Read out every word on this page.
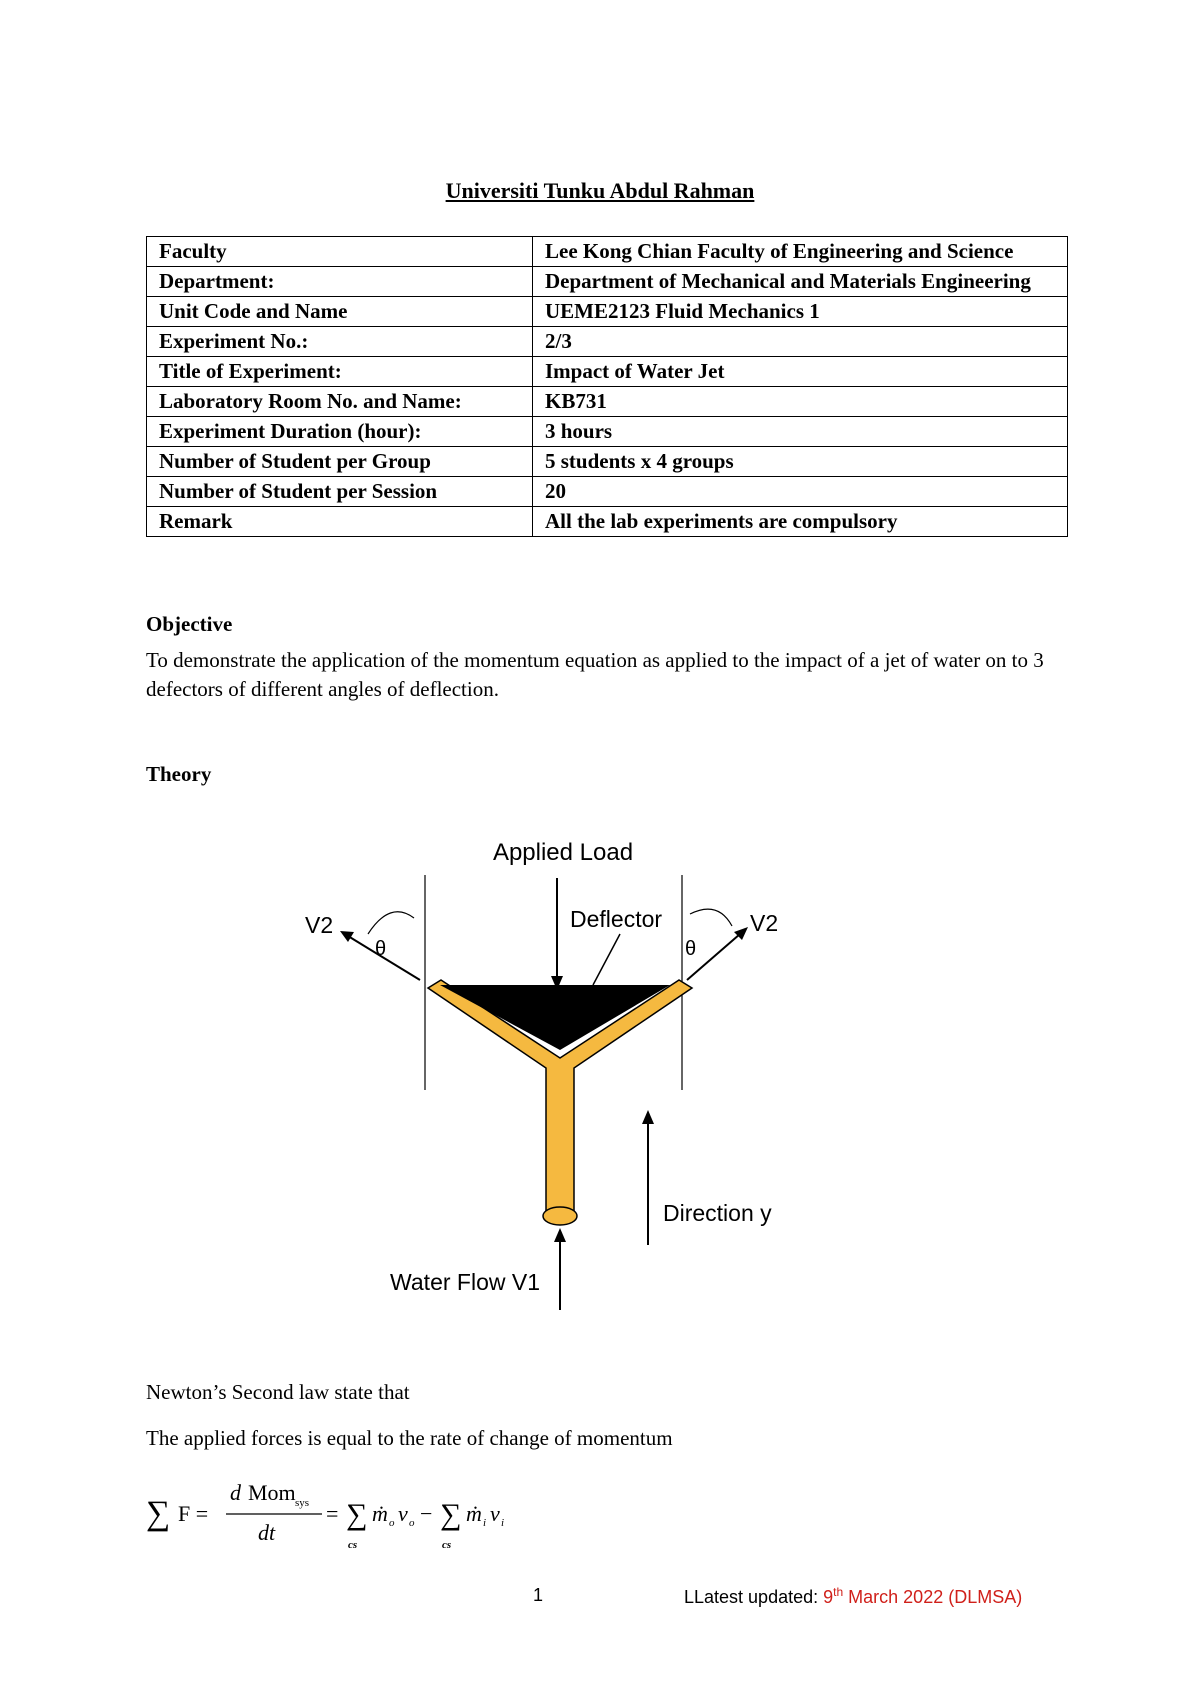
Universiti Tunku Abdul Rahman
Faculty	Lee Kong Chian Faculty of Engineering and Science
Department:	Department of Mechanical and Materials Engineering
Unit Code and Name	UEME2123 Fluid Mechanics 1
Experiment No.:	2/3
Title of Experiment:	Impact of Water Jet
Laboratory Room No. and Name:	KB731
Experiment Duration (hour):	3 hours
Number of Student per Group	5 students x 4 groups
Number of Student per Session	20
Remark	All the lab experiments are compulsory
Objective
To demonstrate the application of the momentum equation as applied to the impact of a jet of water on to 3 defectors of different angles of deflection.
Theory
Applied Load
Deflector
V2
θ
V2
θ
Direction y
Water Flow V1
Newton’s Second law state that
The applied forces is equal to the rate of change of momentum
∑ F =
d Mom sys
dt
= ∑
cs
ṁ o v o − ∑
cs
ṁ i v i
1	LLatest updated: 9th March 2022 (DLMSA)
